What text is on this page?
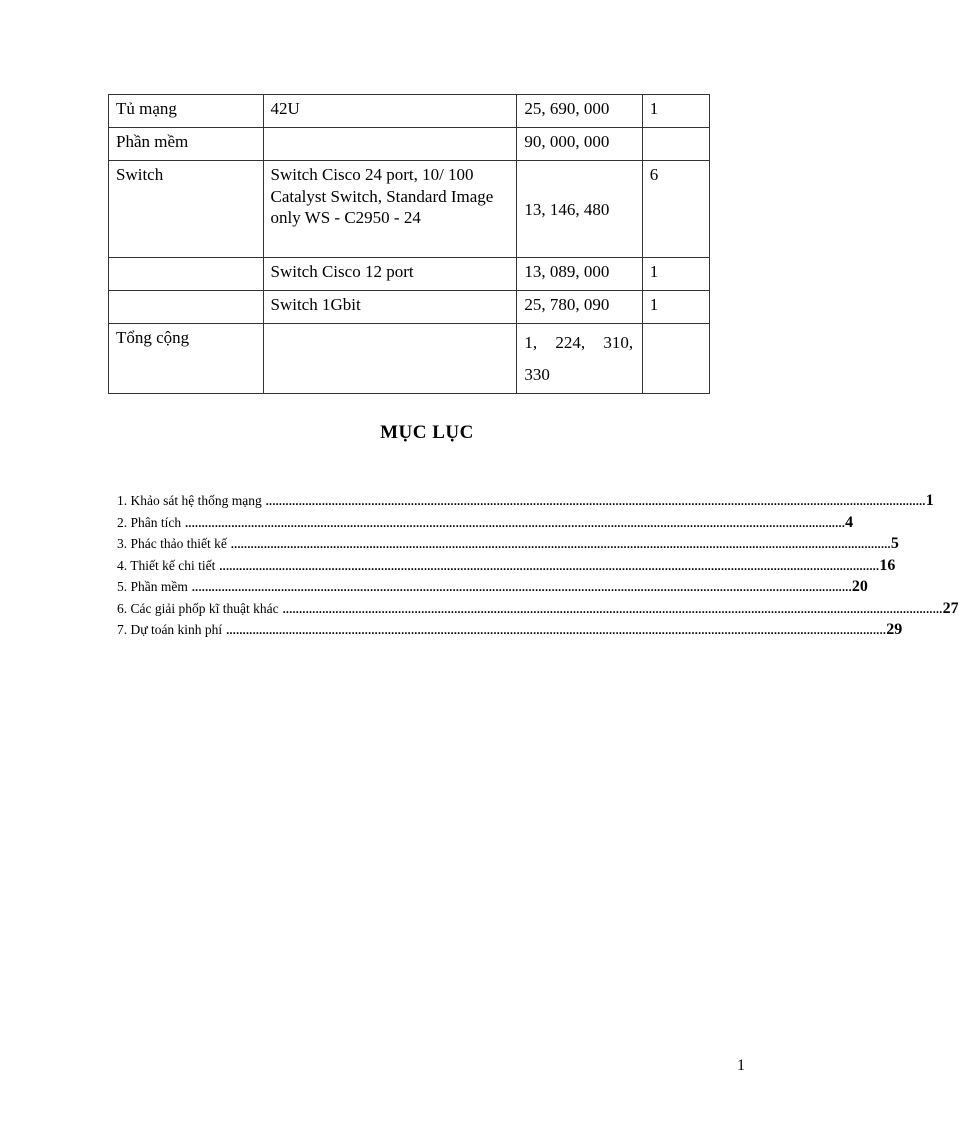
Tủ mạng	42U	25, 690, 000	1
Phần mềm		90, 000, 000	
Switch	Switch Cisco 24 port, 10/ 100 Catalyst Switch, Standard Image only WS - C2950 - 24	13, 146, 480	6
	Switch Cisco 12 port	13, 089, 000	1
	Switch 1Gbit	25, 780, 090	1
Tổng cộng		1, 224, 310, 330	

MỤC LỤC
1. Khảo sát hệ thống mạng ........................................................................................................................................................................................................ 1
2. Phân tích ........................................................................................................................................................................................................ 4
3. Phác thảo thiết kế ........................................................................................................................................................................................................ 5
4. Thiết kế chi tiết ........................................................................................................................................................................................................ 16
5. Phần mềm ........................................................................................................................................................................................................ 20
6. Các giải phốp kĩ thuật khác ........................................................................................................................................................................................................ 27
7. Dự toán kinh phí ........................................................................................................................................................................................................ 29
1
